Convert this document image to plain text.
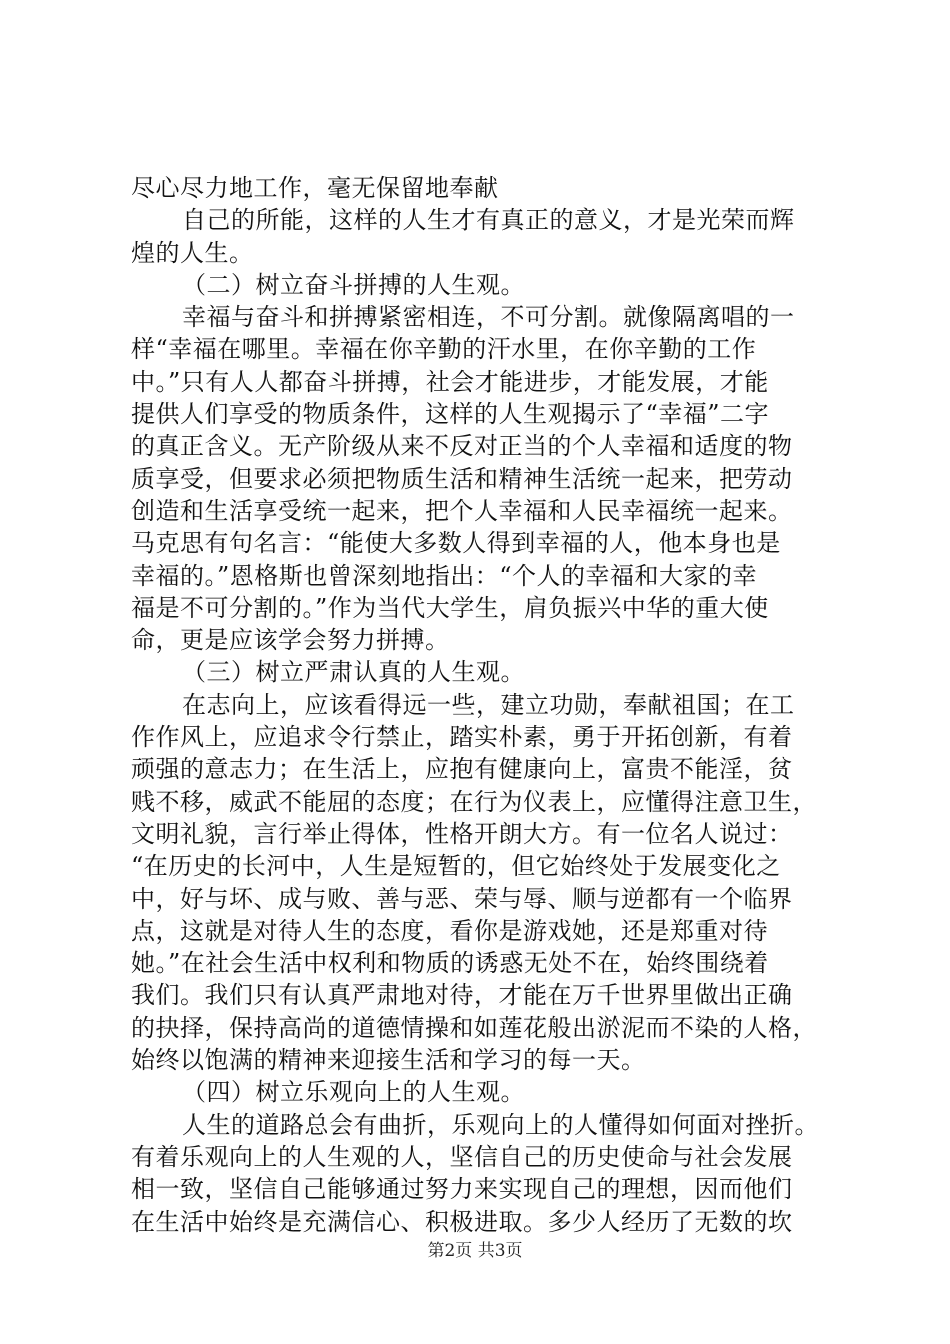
尽心尽力地工作，毫无保留地奉献
自己的所能，这样的人生才有真正的意义，才是光荣而辉
煌的人生。
（二）树立奋斗拼搏的人生观。
幸福与奋斗和拼搏紧密相连，不可分割。就像隔离唱的一
样“幸福在哪里。幸福在你辛勤的汗水里，在你辛勤的工作
中。”只有人人都奋斗拼搏，社会才能进步，才能发展，才能
提供人们享受的物质条件，这样的人生观揭示了“幸福”二字
的真正含义。无产阶级从来不反对正当的个人幸福和适度的物
质享受，但要求必须把物质生活和精神生活统一起来，把劳动
创造和生活享受统一起来，把个人幸福和人民幸福统一起来。
马克思有句名言：“能使大多数人得到幸福的人，他本身也是
幸福的。”恩格斯也曾深刻地指出：“个人的幸福和大家的幸
福是不可分割的。”作为当代大学生，肩负振兴中华的重大使
命，更是应该学会努力拼搏。
（三）树立严肃认真的人生观。
在志向上，应该看得远一些，建立功勋，奉献祖国；在工
作作风上，应追求令行禁止，踏实朴素，勇于开拓创新，有着
顽强的意志力；在生活上，应抱有健康向上，富贵不能淫，贫
贱不移，威武不能屈的态度；在行为仪表上，应懂得注意卫生，
文明礼貌，言行举止得体，性格开朗大方。有一位名人说过：
“在历史的长河中，人生是短暂的，但它始终处于发展变化之
中，好与坏、成与败、善与恶、荣与辱、顺与逆都有一个临界
点，这就是对待人生的态度，看你是游戏她，还是郑重对待
她。”在社会生活中权利和物质的诱惑无处不在，始终围绕着
我们。我们只有认真严肃地对待，才能在万千世界里做出正确
的抉择，保持高尚的道德情操和如莲花般出淤泥而不染的人格，
始终以饱满的精神来迎接生活和学习的每一天。
（四）树立乐观向上的人生观。
人生的道路总会有曲折，乐观向上的人懂得如何面对挫折。
有着乐观向上的人生观的人，坚信自己的历史使命与社会发展
相一致，坚信自己能够通过努力来实现自己的理想，因而他们
在生活中始终是充满信心、积极进取。多少人经历了无数的坎
第2页 共3页
